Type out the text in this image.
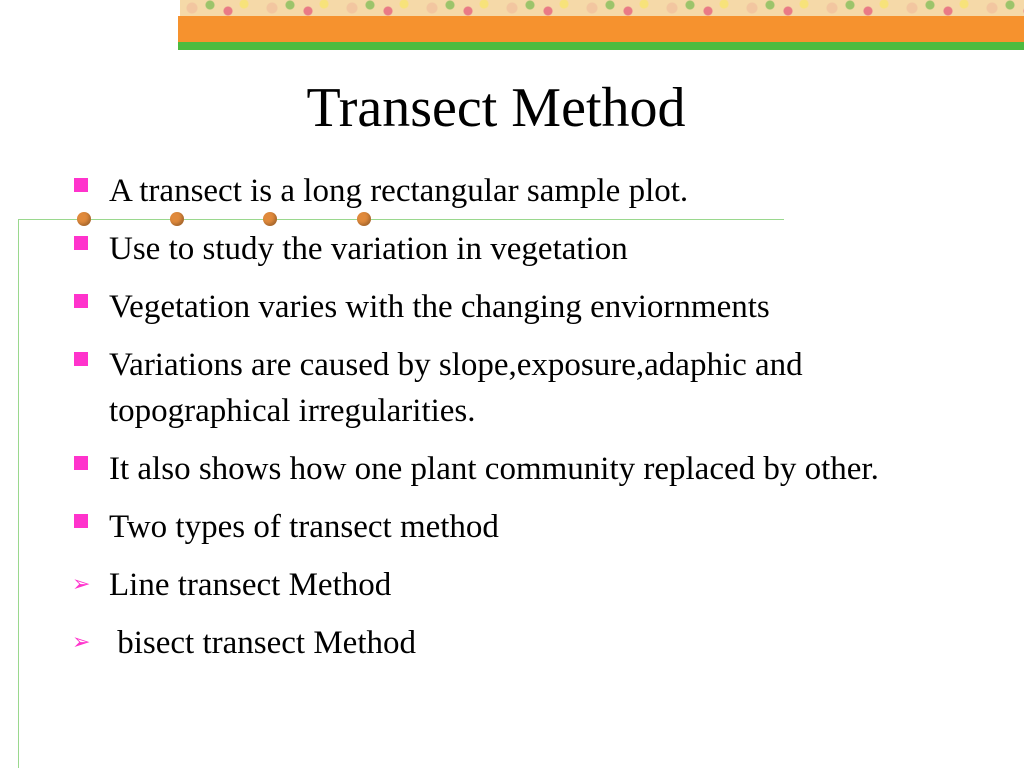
Transect Method
A transect is a long rectangular sample plot.
Use to study the variation in vegetation
Vegetation varies with the changing enviornments
Variations are caused by slope,exposure,adaphic and topographical irregularities.
It also shows how one plant community replaced by other.
Two types of transect method
➢ Line transect Method
➢ bisect transect Method
